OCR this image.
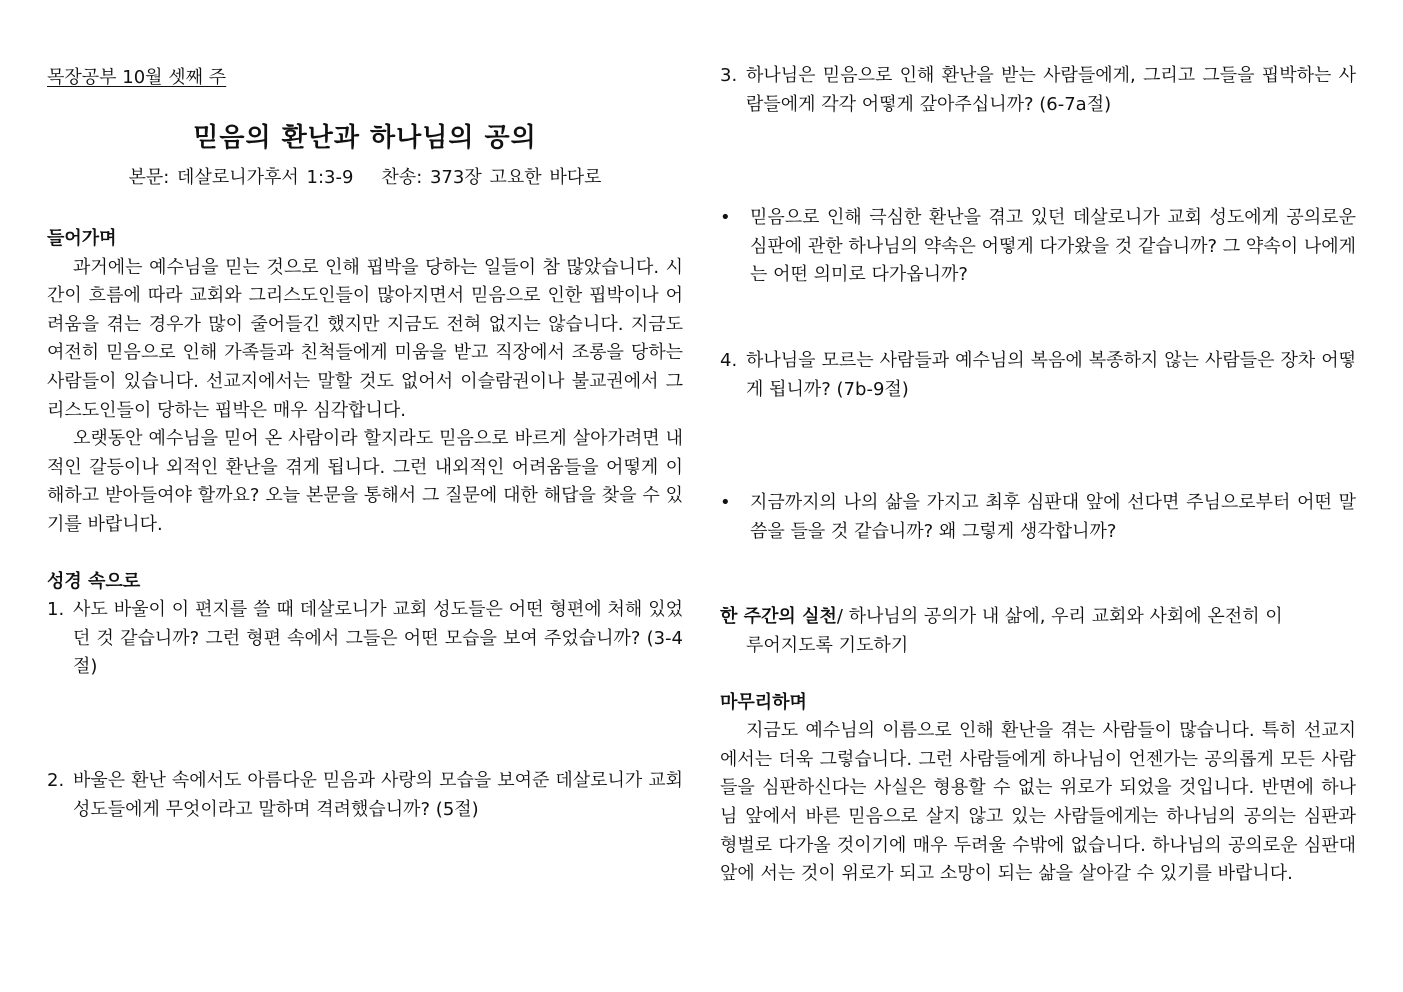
목장공부 10월 셋째 주
믿음의 환난과 하나님의 공의
본문: 데살로니가후서 1:3-9 찬송: 373장 고요한 바다로
들어가며

과거에는 예수님을 믿는 것으로 인해 핍박을 당하는 일들이 참 많았습니다. 시간이 흐름에 따라 교회와 그리스도인들이 많아지면서 믿음으로 인한 핍박이나 어려움을 겪는 경우가 많이 줄어들긴 했지만 지금도 전혀 없지는 않습니다. 지금도 여전히 믿음으로 인해 가족들과 친척들에게 미움을 받고 직장에서 조롱을 당하는 사람들이 있습니다. 선교지에서는 말할 것도 없어서 이슬람권이나 불교권에서 그리스도인들이 당하는 핍박은 매우 심각합니다.

오랫동안 예수님을 믿어 온 사람이라 할지라도 믿음으로 바르게 살아가려면 내적인 갈등이나 외적인 환난을 겪게 됩니다. 그런 내외적인 어려움들을 어떻게 이해하고 받아들여야 할까요? 오늘 본문을 통해서 그 질문에 대한 해답을 찾을 수 있기를 바랍니다.

성경 속으로
1. 사도 바울이 이 편지를 쓸 때 데살로니가 교회 성도들은 어떤 형편에 처해 있었던 것 같습니까? 그런 형편 속에서 그들은 어떤 모습을 보여 주었습니까? (3-4절)
2. 바울은 환난 속에서도 아름다운 믿음과 사랑의 모습을 보여준 데살로니가 교회 성도들에게 무엇이라고 말하며 격려했습니까? (5절)
3. 하나님은 믿음으로 인해 환난을 받는 사람들에게, 그리고 그들을 핍박하는 사람들에게 각각 어떻게 갚아주십니까? (6-7a절)
• 믿음으로 인해 극심한 환난을 겪고 있던 데살로니가 교회 성도에게 공의로운 심판에 관한 하나님의 약속은 어떻게 다가왔을 것 같습니까? 그 약속이 나에게는 어떤 의미로 다가옵니까?
4. 하나님을 모르는 사람들과 예수님의 복음에 복종하지 않는 사람들은 장차 어떻게 됩니까? (7b-9절)
• 지금까지의 나의 삶을 가지고 최후 심판대 앞에 선다면 주님으로부터 어떤 말씀을 들을 것 같습니까? 왜 그렇게 생각합니까?
한 주간의 실천/ 하나님의 공의가 내 삶에, 우리 교회와 사회에 온전히 이
루어지도록 기도하기
마무리하며

지금도 예수님의 이름으로 인해 환난을 겪는 사람들이 많습니다. 특히 선교지에서는 더욱 그렇습니다. 그런 사람들에게 하나님이 언젠가는 공의롭게 모든 사람들을 심판하신다는 사실은 형용할 수 없는 위로가 되었을 것입니다. 반면에 하나님 앞에서 바른 믿음으로 살지 않고 있는 사람들에게는 하나님의 공의는 심판과 형벌로 다가올 것이기에 매우 두려울 수밖에 없습니다. 하나님의 공의로운 심판대 앞에 서는 것이 위로가 되고 소망이 되는 삶을 살아갈 수 있기를 바랍니다.
